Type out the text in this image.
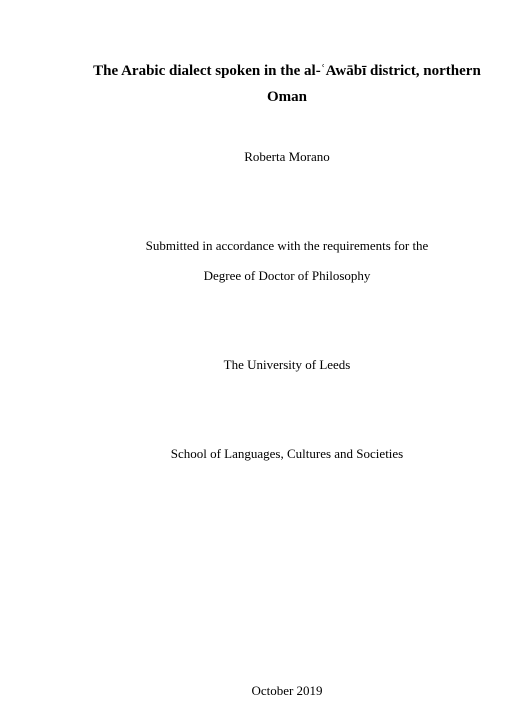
The Arabic dialect spoken in the al-ʿAwābī district, northern
Oman
Roberta Morano
Submitted in accordance with the requirements for the
Degree of Doctor of Philosophy
The University of Leeds
School of Languages, Cultures and Societies
October 2019
